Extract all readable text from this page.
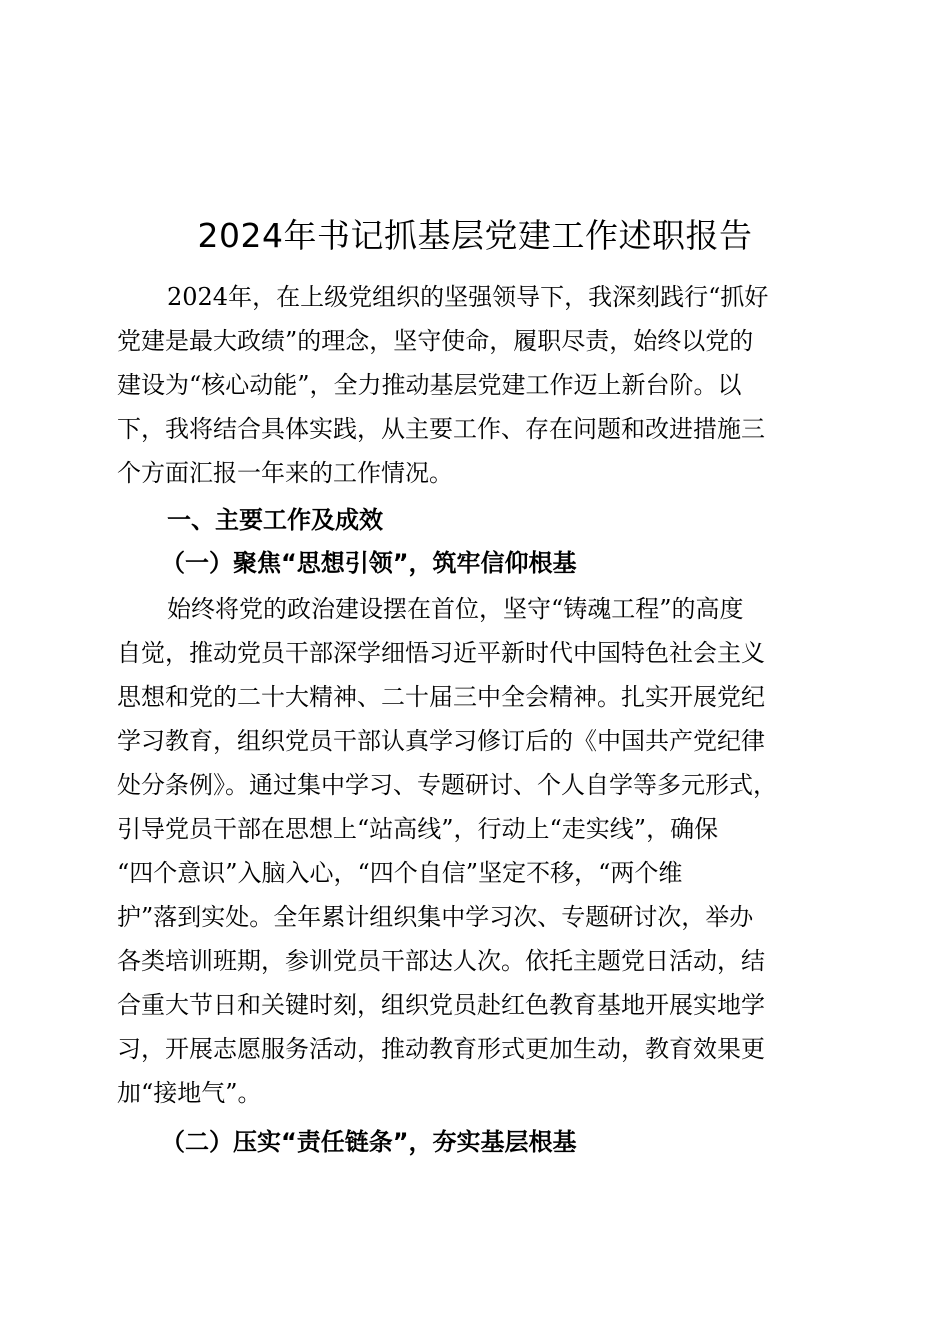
2024年书记抓基层党建工作述职报告
2024年，在上级党组织的坚强领导下，我深刻践行“抓好
党建是最大政绩”的理念，坚守使命，履职尽责，始终以党的
建设为“核心动能”，全力推动基层党建工作迈上新台阶。以
下，我将结合具体实践，从主要工作、存在问题和改进措施三
个方面汇报一年来的工作情况。
一、主要工作及成效
（一）聚焦“思想引领”，筑牢信仰根基
始终将党的政治建设摆在首位，坚守“铸魂工程”的高度
自觉，推动党员干部深学细悟习近平新时代中国特色社会主义
思想和党的二十大精神、二十届三中全会精神。扎实开展党纪
学习教育，组织党员干部认真学习修订后的《中国共产党纪律
处分条例》。通过集中学习、专题研讨、个人自学等多元形式，
引导党员干部在思想上“站高线”，行动上“走实线”，确保
“四个意识”入脑入心，“四个自信”坚定不移，“两个维
护”落到实处。全年累计组织集中学习次、专题研讨次，举办
各类培训班期，参训党员干部达人次。依托主题党日活动，结
合重大节日和关键时刻，组织党员赴红色教育基地开展实地学
习，开展志愿服务活动，推动教育形式更加生动，教育效果更
加“接地气”。
（二）压实“责任链条”，夯实基层根基
